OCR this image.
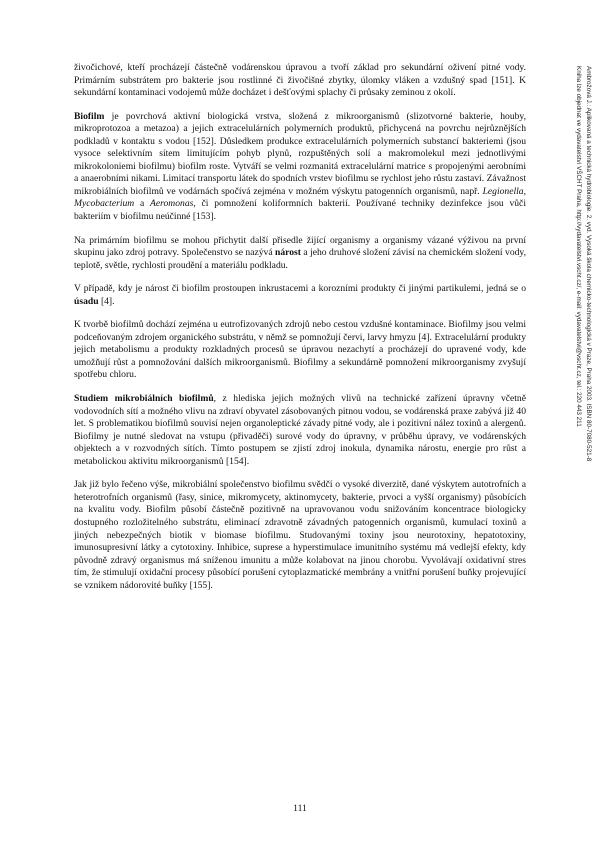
živočichové, kteří procházejí částečně vodárenskou úpravou a tvoří základ pro sekundární oživení pitné vody. Primárním substrátem pro bakterie jsou rostlinné či živočišné zbytky, úlomky vláken a vzdušný spad [151]. K sekundární kontaminaci vodojemů může docházet i dešťovými splachy či průsaky zeminou z okolí.

Biofilm je povrchová aktivní biologická vrstva, složená z mikroorganismů (slizotvorné bakterie, houby, mikroprotozoa a metazoa) a jejich extracelulárních polymerních produktů, přichycená na povrchu nejrůznějších podkladů v kontaktu s vodou [152]. Důsledkem produkce extracelulárních polymerních substancí bakteriemi (jsou vysoce selektivním sítem limitujícím pohyb plynů, rozpuštěných solí a makromolekul mezi jednotlivými mikrokoloniemi biofilmu) biofilm roste. Vytváří se velmi rozmanitá extracelulární matrice s propojenými aerobními a anaerobními nikami. Limitací transportu látek do spodních vrstev biofilmu se rychlost jeho růstu zastaví. Závažnost mikrobiálních biofilmů ve vodárnách spočívá zejména v možném výskytu patogenních organismů, např. Legionella, Mycobacterium a Aeromonas, či pomnožení koliformních bakterií. Používané techniky dezinfekce jsou vůči bakteriím v biofilmu neúčinné [153].

Na primárním biofilmu se mohou přichytit další přisedle žijící organismy a organismy vázané výživou na první skupinu jako zdroj potravy. Společenstvo se nazývá nárost a jeho druhové složení závisí na chemickém složení vody, teplotě, světle, rychlosti proudění a materiálu podkladu.

V případě, kdy je nárost či biofilm prostoupen inkrustacemi a korozními produkty či jinými partikulemi, jedná se o úsadu [4].

K tvorbě biofilmů dochází zejména u eutrofizovaných zdrojů nebo cestou vzdušné kontaminace. Biofilmy jsou velmi podceňovaným zdrojem organického substrátu, v němž se pomnožují červi, larvy hmyzu [4]. Extracelulární produkty jejich metabolismu a produkty rozkladných procesů se úpravou nezachytí a procházejí do upravené vody, kde umožňují růst a pomnožování dalších mikroorganismů. Biofilmy a sekundárně pomnožení mikroorganismy zvyšují spotřebu chloru.

Studiem mikrobiálních biofilmů, z hlediska jejich možných vlivů na technické zařízení úpravny včetně vodovodních sítí a možného vlivu na zdraví obyvatel zásobovaných pitnou vodou, se vodárenská praxe zabývá již 40 let. S problematikou biofilmů souvisí nejen organoleptické závady pitné vody, ale i pozitivní nález toxinů a alergenů. Biofilmy je nutné sledovat na vstupu (přivaděči) surové vody do úpravny, v průběhu úpravy, ve vodárenských objektech a v rozvodných sítích. Tímto postupem se zjistí zdroj inokula, dynamika nárostu, energie pro růst a metabolickou aktivitu mikroorganismů [154].

Jak již bylo řečeno výše, mikrobiální společenstvo biofilmu svědčí o vysoké diverzitě, dané výskytem autotrofních a heterotrofních organismů (řasy, sinice, mikromycety, aktinomycety, bakterie, prvoci a vyšší organismy) působících na kvalitu vody. Biofilm působí částečně pozitivně na upravovanou vodu snižováním koncentrace biologicky dostupného rozložitelného substrátu, eliminací zdravotně závadných patogenních organismů, kumulací toxinů a jiných nebezpečných biotik v biomase biofilmu. Studovanými toxiny jsou neurotoxiny, hepatotoxiny, imunosupresivní látky a cytotoxiny. Inhibice, suprese a hyperstimulace imunitního systému má vedlejší efekty, kdy původně zdravý organismus má sníženou imunitu a může kolabovat na jinou chorobu. Vyvolávají oxidativní stres tím, že stimulují oxidační procesy působící porušení cytoplazmatické membrány a vnitřní porušení buňky projevující se vznikem nádorovité buňky [155].

111
Ambrožová J.: Aplikovaná a technická hydrobiologie. 2. vyd. Vysoká škola chemicko-technologická v Praze, Praha 2003. ISBN 80-7080-521-8
Kniha lze objednat ve vydavatelství VŠCHT Praha, http://vydavatelstvi.vscht.cz/, e-mail: vydavatelstvi@vscht.cz, tel.: 220 443 211
